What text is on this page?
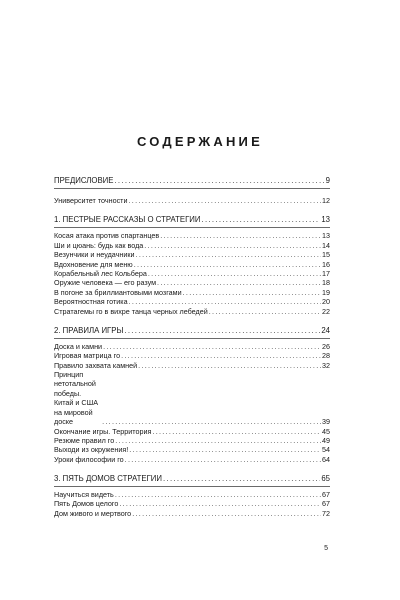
СОДЕРЖАНИЕ
ПРЕДИСЛОВИЕ .....	9
Университет точности .....	12
1. ПЕСТРЫЕ РАССКАЗЫ О СТРАТЕГИИ .....	13
Косая атака против спартанцев .....	13
Ши и цюань: будь как вода .....	14
Везунчики и неудачники .....	15
Вдохновение для меню .....	16
Корабельный лес Кольбера .....	17
Оружие человека — его разум .....	18
В погоне за бриллиантовыми мозгами .....	19
Вероятностная готика .....	20
Стратагемы го в вихре танца черных лебедей .....	22
2. ПРАВИЛА ИГРЫ .....	24
Доска и камни .....	26
Игровая матрица го .....	28
Правило захвата камней .....	32
Принцип нетотальной победы. Китай и США
на мировой доске .....	39
Окончание игры. Территория .....	45
Резюме правил го .....	49
Выходи из окружения! .....	54
Уроки философии го .....	64
3. ПЯТЬ ДОМОВ СТРАТЕГИИ .....	65
Научиться видеть .....	67
Пять Домов целого .....	67
Дом живого и мертвого .....	72
5
